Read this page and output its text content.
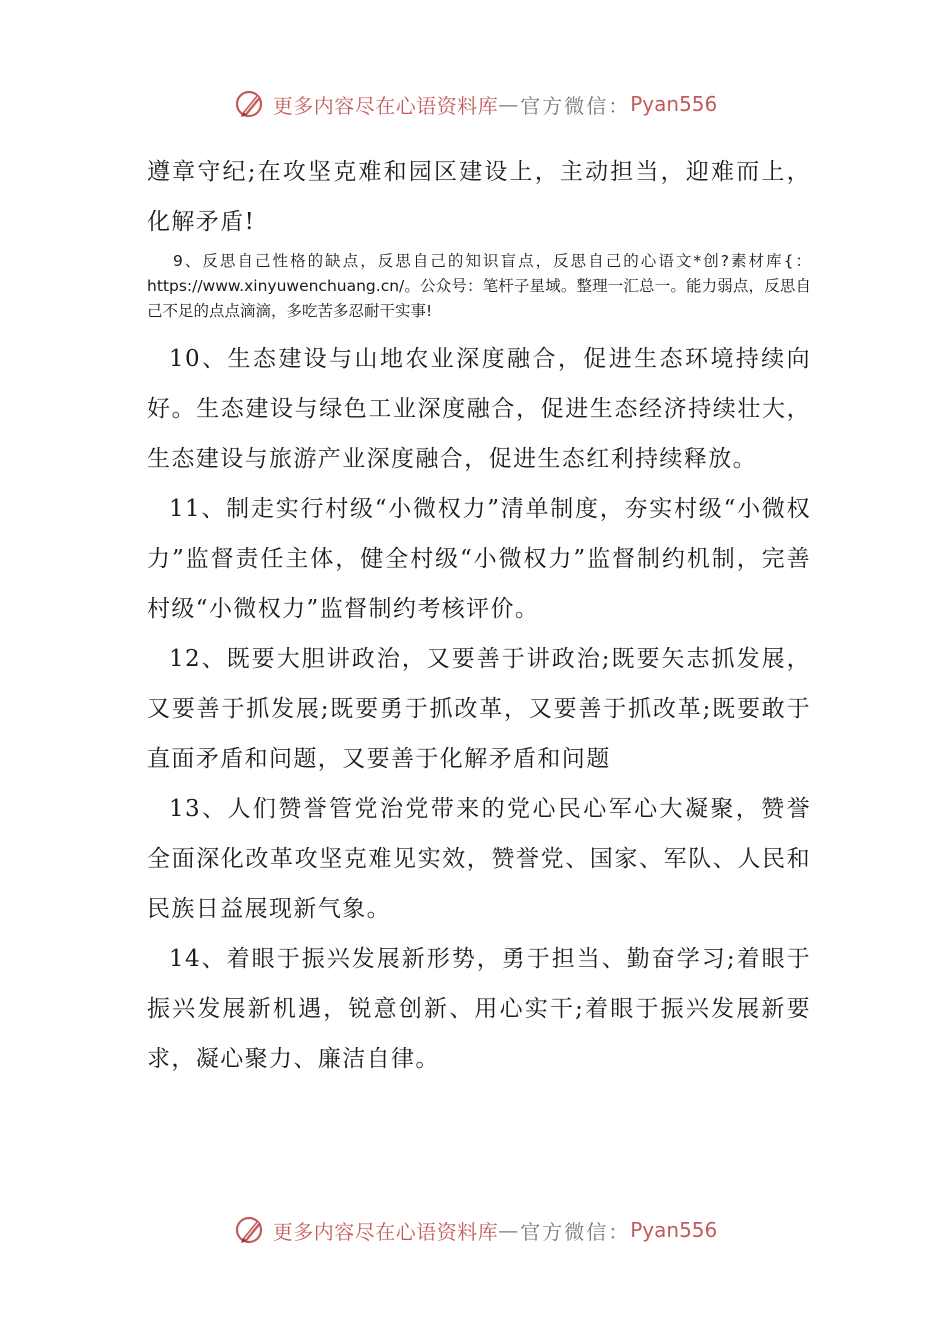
更多内容尽在心语资料库 — 官方微信： Pyan556

遵章守纪;在攻坚克难和园区建设上，主动担当，迎难而上，化解矛盾!

9、反思自己性格的缺点，反思自己的知识盲点，反思自己的心语文*创?素材库{：https://www.xinyuwenchuang.cn/。公众号：笔杆子星域。整理一汇总一。能力弱点，反思自己不足的点点滴滴，多吃苦多忍耐干实事!

10、生态建设与山地农业深度融合，促进生态环境持续向好。生态建设与绿色工业深度融合，促进生态经济持续壮大，生态建设与旅游产业深度融合，促进生态红利持续释放。

11、制走实行村级“小微权力”清单制度，夯实村级“小微权力”监督责任主体，健全村级“小微权力”监督制约机制，完善村级“小微权力”监督制约考核评价。

12、既要大胆讲政治，又要善于讲政治;既要矢志抓发展，又要善于抓发展;既要勇于抓改革，又要善于抓改革;既要敢于直面矛盾和问题，又要善于化解矛盾和问题

13、人们赞誉管党治党带来的党心民心军心大凝聚，赞誉全面深化改革攻坚克难见实效，赞誉党、国家、军队、人民和民族日益展现新气象。

14、着眼于振兴发展新形势，勇于担当、勤奋学习;着眼于振兴发展新机遇，锐意创新、用心实干;着眼于振兴发展新要求，凝心聚力、廉洁自律。

更多内容尽在心语资料库 — 官方微信： Pyan556
